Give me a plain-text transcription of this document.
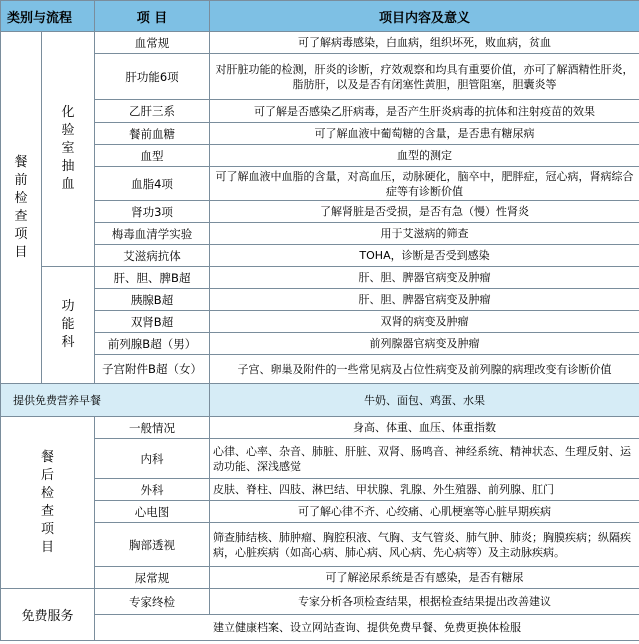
类别与流程		项 目	项目内容及意义
餐前检查项目	化验室抽血	血常规	可了解病毒感染，白血病，组织坏死，败血病，贫血
		肝功能6项	对肝脏功能的检测，肝炎的诊断，疗效观察和均具有重要价值，亦可了解酒精性肝炎，脂肪肝，以及是否有闭塞性黄胆，胆管阻塞，胆囊炎等
		乙肝三系	可了解是否感染乙肝病毒，是否产生肝炎病毒的抗体和注射疫苗的效果
		餐前血糖	可了解血液中葡萄糖的含量，是否患有糖尿病
		血型	血型的测定
		血脂4项	可了解血液中血脂的含量，对高血压，动脉硬化，脑卒中，肥胖症，冠心病，肾病综合症等有诊断价值
		肾功3项	了解肾脏是否受损，是否有急（慢）性肾炎
		梅毒血清学实验	用于艾滋病的筛查
		艾滋病抗体	TOHA，诊断是否受到感染
	功能科	肝、胆、脾B超	肝、胆、脾器官病变及肿瘤
		胰腺B超	肝、胆、脾器官病变及肿瘤
		双肾B超	双肾的病变及肿瘤
		前列腺B超（男）	前列腺器官病变及肿瘤
		子宫附件B超（女）	子宫、卵巢及附件的一些常见病及占位性病变及前列腺的病理改变有诊断价值
提供免费营养早餐			牛奶、面包、鸡蛋、水果
餐后检查项目		一般情况	身高、体重、血压、体重指数
		内科	心律、心率、杂音、肺脏、肝脏、双肾、肠鸣音、神经系统、精神状态、生理反射、运动功能、深浅感觉
		外科	皮肤、脊柱、四肢、淋巴结、甲状腺、乳腺、外生殖器、前列腺、肛门
		心电图	可了解心律不齐、心绞痛、心肌梗塞等心脏早期疾病
		胸部透视	筛查肺结核、肺肿瘤、胸腔积液、气胸、支气管炎、肺气肿、肺炎；胸膜疾病；纵隔疾病，心脏疾病（如高心病、肺心病、风心病、先心病等）及主动脉疾病。
		尿常规	可了解泌尿系统是否有感染，是否有糖尿
免费服务		专家终检	专家分析各项检查结果，根据检查结果提出改善建议
		建立健康档案、设立网站查询、提供免费早餐、免费更换体检服	
